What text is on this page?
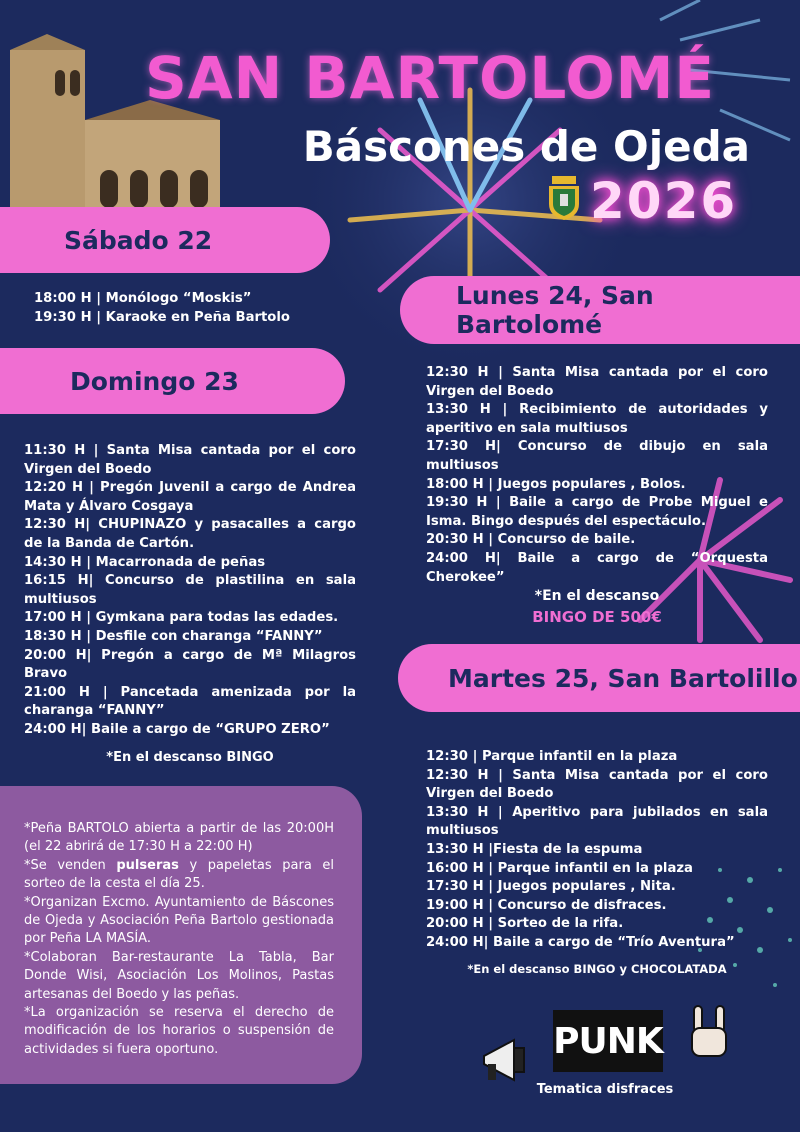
SAN BARTOLOMÉ
Báscones de Ojeda
2026
Sábado 22
18:00 H | Monólogo “Moskis”
19:30 H | Karaoke en Peña Bartolo
Domingo 23
11:30 H | Santa Misa cantada por el coro Virgen del Boedo
12:20 H | Pregón Juvenil a cargo de Andrea Mata y Álvaro Cosgaya
12:30 H| CHUPINAZO y pasacalles a cargo de la Banda de Cartón.
14:30 H | Macarronada de peñas
16:15 H| Concurso de plastilina en sala multiusos
17:00 H | Gymkana para todas las edades.
18:30 H | Desfile con charanga “FANNY”
20:00 H| Pregón a cargo de Mª Milagros Bravo
21:00 H | Pancetada amenizada por la charanga “FANNY”
24:00 H| Baile a cargo de “GRUPO ZERO”
*En el descanso BINGO
Lunes 24, San Bartolomé
12:30 H | Santa Misa cantada por el coro Virgen del Boedo
13:30 H | Recibimiento de autoridades y aperitivo en sala multiusos
17:30 H| Concurso de dibujo en sala multiusos
18:00 H | Juegos populares , Bolos.
19:30 H | Baile a cargo de Probe Miguel e Isma. Bingo después del espectáculo.
20:30 H | Concurso de baile.
24:00 H| Baile a cargo de “Orquesta Cherokee”
*En el descanso
BINGO DE 500€
Martes 25, San Bartolillo
12:30 | Parque infantil en la plaza
12:30 H | Santa Misa cantada por el coro Virgen del Boedo
13:30 H | Aperitivo para jubilados en sala multiusos
13:30 H |Fiesta de la espuma
16:00 H | Parque infantil en la plaza
17:30 H | Juegos populares , Nita.
19:00 H | Concurso de disfraces.
20:00 H | Sorteo de la rifa.
24:00 H| Baile a cargo de “Trío Aventura”
*En el descanso BINGO y CHOCOLATADA
*Peña BARTOLO abierta a partir de las 20:00H (el 22 abrirá de 17:30 H a 22:00 H)
*Se venden pulseras y papeletas para el sorteo de la cesta el día 25.
*Organizan Excmo. Ayuntamiento de Báscones de Ojeda y Asociación Peña Bartolo gestionada por Peña LA MASÍA.
*Colaboran Bar-restaurante La Tabla, Bar Donde Wisi, Asociación Los Molinos, Pastas artesanas del Boedo y las peñas.
*La organización se reserva el derecho de modificación de los horarios o suspensión de actividades si fuera oportuno.	PUNK
Tematica disfraces
